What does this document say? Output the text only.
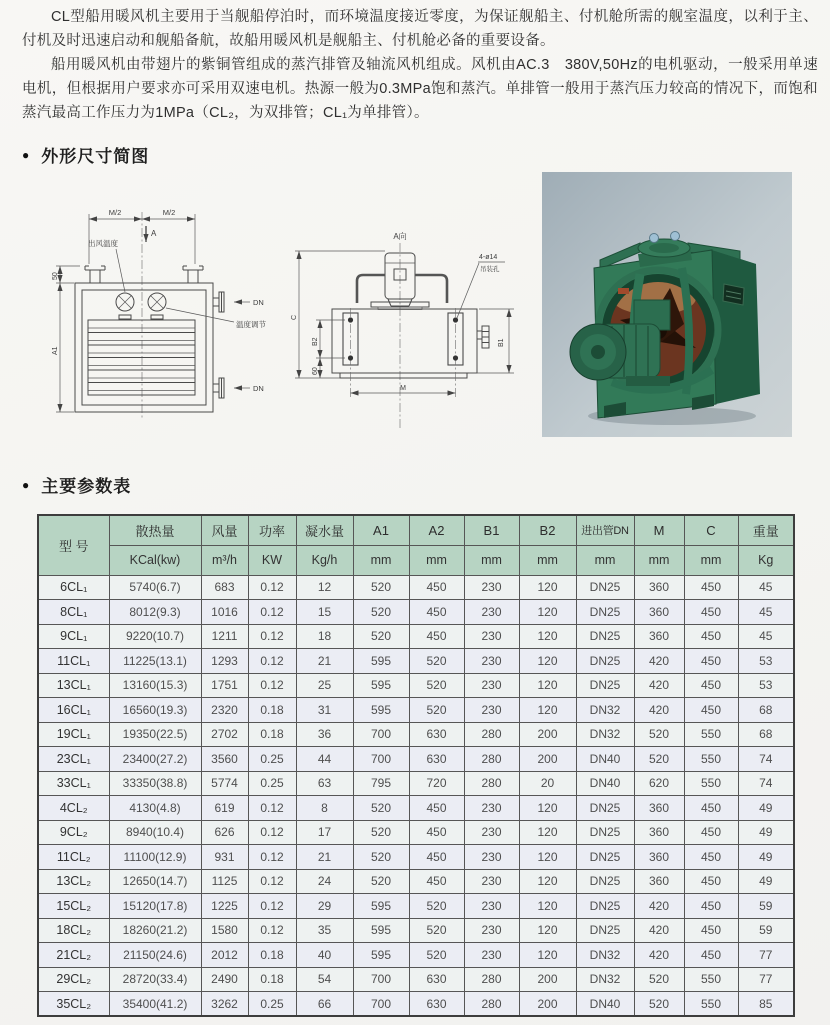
CL型船用暖风机主要用于当舰船停泊时，而环境温度接近零度，为保证舰船主、付机舱所需的舰室温度，以利于主、付机及时迅速启动和舰船备航，故船用暖风机是舰船主、付机舱必备的重要设备。

船用暖风机由带翅片的紫铜管组成的蒸汽排管及轴流风机组成。风机由AC.3　380V,50Hz的电机驱动，一般采用单速电机，但根据用户要求亦可采用双速电机。热源一般为0.3MPa饱和蒸汽。单排管一般用于蒸汽压力较高的情况下，而饱和蒸汽最高工作压力为1MPa（CL₂，为双排管；CL₁为单排管）。

● 外形尺寸简图
M/2	M/2
A
出风温度
50
A1
DN
DN
温度调节
A向
4-ø14
吊装孔
C
B2
60
B1
M
● 主要参数表
型 号	散热量	风量	功率	凝水量	A1	A2	B1	B2	进出管DN	M	C	重量
	KCal(kw)	m³/h	KW	Kg/h	mm	mm	mm	mm	mm	mm	mm	Kg
6CL₁	5740(6.7)	683	0.12	12	520	450	230	120	DN25	360	450	45
8CL₁	8012(9.3)	1016	0.12	15	520	450	230	120	DN25	360	450	45
9CL₁	9220(10.7)	1211	0.12	18	520	450	230	120	DN25	360	450	45
11CL₁	11225(13.1)	1293	0.12	21	595	520	230	120	DN25	420	450	53
13CL₁	13160(15.3)	1751	0.12	25	595	520	230	120	DN25	420	450	53
16CL₁	16560(19.3)	2320	0.18	31	595	520	230	120	DN32	420	450	68
19CL₁	19350(22.5)	2702	0.18	36	700	630	280	200	DN32	520	550	68
23CL₁	23400(27.2)	3560	0.25	44	700	630	280	200	DN40	520	550	74
33CL₁	33350(38.8)	5774	0.25	63	795	720	280	20	DN40	620	550	74
4CL₂	4130(4.8)	619	0.12	8	520	450	230	120	DN25	360	450	49
9CL₂	8940(10.4)	626	0.12	17	520	450	230	120	DN25	360	450	49
11CL₂	11100(12.9)	931	0.12	21	520	450	230	120	DN25	360	450	49
13CL₂	12650(14.7)	1125	0.12	24	520	450	230	120	DN25	360	450	49
15CL₂	15120(17.8)	1225	0.12	29	595	520	230	120	DN25	420	450	59
18CL₂	18260(21.2)	1580	0.12	35	595	520	230	120	DN25	420	450	59
21CL₂	21150(24.6)	2012	0.18	40	595	520	230	120	DN32	420	450	77
29CL₂	28720(33.4)	2490	0.18	54	700	630	280	200	DN32	520	550	77
35CL₂	35400(41.2)	3262	0.25	66	700	630	280	200	DN40	520	550	85
